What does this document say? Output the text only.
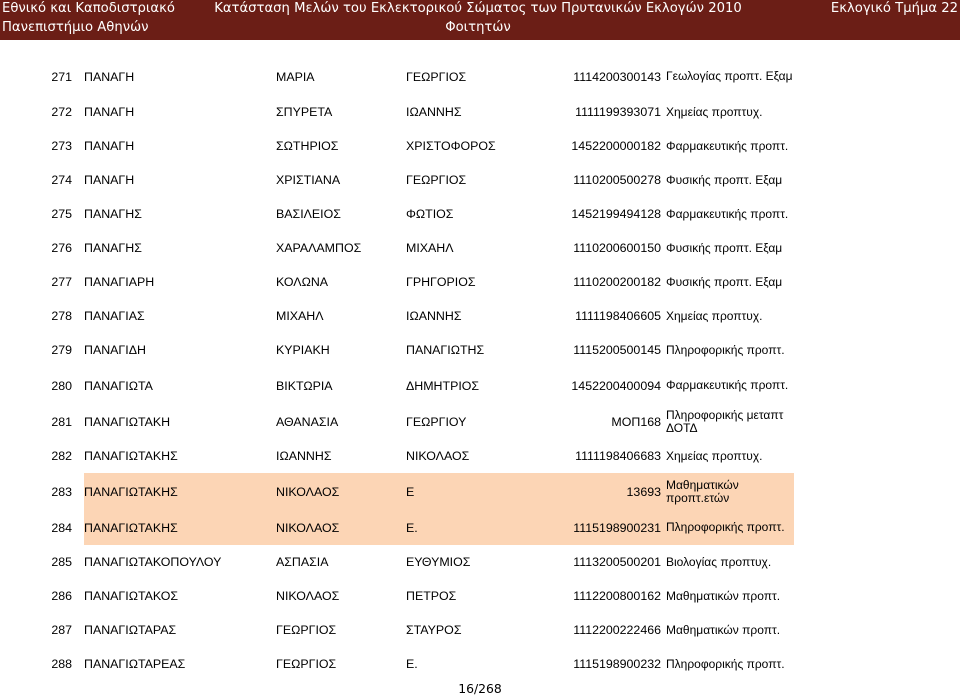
Εθνικό και Καποδιστριακό
Πανεπιστήμιο Αθηνών
Κατάσταση Μελών του Εκλεκτορικού Σώματος των Πρυτανικών Εκλογών 2010
Φοιτητών
Εκλογικό Τμήμα 22
271	ΠΑΝΑΓΗ	ΜΑΡΙΑ	ΓΕΩΡΓΙΟΣ	1114200300143	Γεωλογίας προπτ. Εξαμ
272	ΠΑΝΑΓΗ	ΣΠΥΡΕΤΑ	ΙΩΑΝΝΗΣ	1111199393071	Χημείας προπτυχ.
273	ΠΑΝΑΓΗ	ΣΩΤΗΡΙΟΣ	ΧΡΙΣΤΟΦΟΡΟΣ	1452200000182	Φαρμακευτικής προπτ.
274	ΠΑΝΑΓΗ	ΧΡΙΣΤΙΑΝΑ	ΓΕΩΡΓΙΟΣ	1110200500278	Φυσικής προπτ. Εξαμ
275	ΠΑΝΑΓΗΣ	ΒΑΣΙΛΕΙΟΣ	ΦΩΤΙΟΣ	1452199494128	Φαρμακευτικής προπτ.
276	ΠΑΝΑΓΗΣ	ΧΑΡΑΛΑΜΠΟΣ	ΜΙΧΑΗΛ	1110200600150	Φυσικής προπτ. Εξαμ
277	ΠΑΝΑΓΙΑΡΗ	ΚΟΛΩΝΑ	ΓΡΗΓΟΡΙΟΣ	1110200200182	Φυσικής προπτ. Εξαμ
278	ΠΑΝΑΓΙΑΣ	ΜΙΧΑΗΛ	ΙΩΑΝΝΗΣ	1111198406605	Χημείας προπτυχ.
279	ΠΑΝΑΓΙΔΗ	ΚΥΡΙΑΚΗ	ΠΑΝΑΓΙΩΤΗΣ	1115200500145	Πληροφορικής προπτ.
280	ΠΑΝΑΓΙΩΤΑ	ΒΙΚΤΩΡΙΑ	ΔΗΜΗΤΡΙΟΣ	1452200400094	Φαρμακευτικής προπτ.
281	ΠΑΝΑΓΙΩΤΑΚΗ	ΑΘΑΝΑΣΙΑ	ΓΕΩΡΓΙΟΥ	ΜΟΠ168	Πληροφορικής μεταπτ ΔΟΤΔ
282	ΠΑΝΑΓΙΩΤΑΚΗΣ	ΙΩΑΝΝΗΣ	ΝΙΚΟΛΑΟΣ	1111198406683	Χημείας προπτυχ.
283	ΠΑΝΑΓΙΩΤΑΚΗΣ	ΝΙΚΟΛΑΟΣ	Ε	13693	Μαθηματικών προπτ.ετών
284	ΠΑΝΑΓΙΩΤΑΚΗΣ	ΝΙΚΟΛΑΟΣ	Ε.	1115198900231	Πληροφορικής προπτ.
285	ΠΑΝΑΓΙΩΤΑΚΟΠΟΥΛΟΥ	ΑΣΠΑΣΙΑ	ΕΥΘΥΜΙΟΣ	1113200500201	Βιολογίας προπτυχ.
286	ΠΑΝΑΓΙΩΤΑΚΟΣ	ΝΙΚΟΛΑΟΣ	ΠΕΤΡΟΣ	1112200800162	Μαθηματικών προπτ.
287	ΠΑΝΑΓΙΩΤΑΡΑΣ	ΓΕΩΡΓΙΟΣ	ΣΤΑΥΡΟΣ	1112200222466	Μαθηματικών προπτ.
288	ΠΑΝΑΓΙΩΤΑΡΕΑΣ	ΓΕΩΡΓΙΟΣ	Ε.	1115198900232	Πληροφορικής προπτ.
16/268
